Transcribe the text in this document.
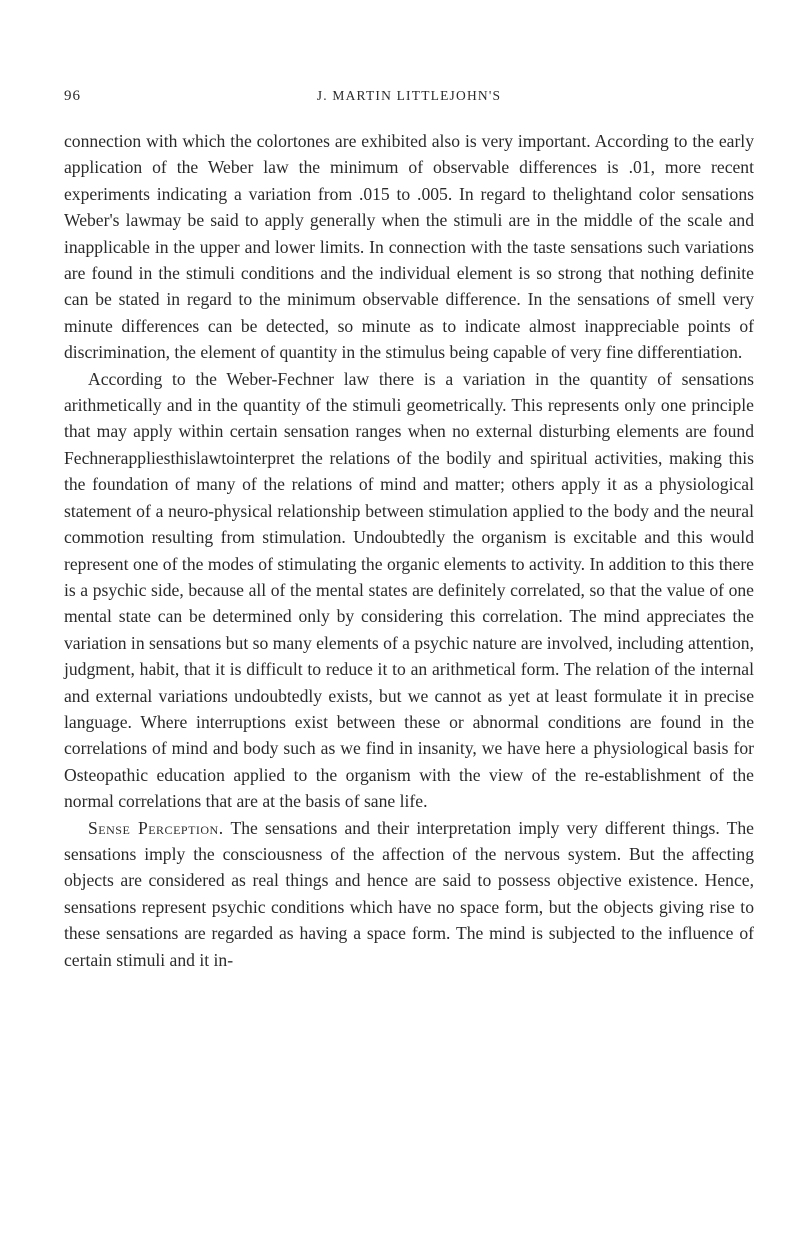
96	J. MARTIN LITTLEJOHN'S

connection with which the colortones are exhibited also is very important. According to the early application of the Weber law the minimum of observable differences is .01, more recent experiments indicating a variation from .015 to .005. In regard to thelightand color sensations Weber's lawmay be said to apply generally when the stimuli are in the middle of the scale and inapplicable in the upper and lower limits. In connection with the taste sensations such variations are found in the stimuli conditions and the individual element is so strong that nothing definite can be stated in regard to the minimum observable difference. In the sensations of smell very minute differences can be detected, so minute as to indicate almost inappreciable points of discrimination, the element of quantity in the stimulus being capable of very fine differentiation.

According to the Weber-Fechner law there is a variation in the quantity of sensations arithmetically and in the quantity of the stimuli geometrically. This represents only one principle that may apply within certain sensation ranges when no external disturbing elements are found Fechnerappliesthislawtointerpret the relations of the bodily and spiritual activities, making this the foundation of many of the relations of mind and matter; others apply it as a physiological statement of a neuro-physical relationship between stimulation applied to the body and the neural commotion resulting from stimulation. Undoubtedly the organism is excitable and this would represent one of the modes of stimulating the organic elements to activity. In addition to this there is a psychic side, because all of the mental states are definitely correlated, so that the value of one mental state can be determined only by considering this correlation. The mind appreciates the variation in sensations but so many elements of a psychic nature are involved, including attention, judgment, habit, that it is difficult to reduce it to an arithmetical form. The relation of the internal and external variations undoubtedly exists, but we cannot as yet at least formulate it in precise language. Where interruptions exist between these or abnormal conditions are found in the correlations of mind and body such as we find in insanity, we have here a physiological basis for Osteopathic education applied to the organism with the view of the re-establishment of the normal correlations that are at the basis of sane life.

Sense Perception. The sensations and their interpretation imply very different things. The sensations imply the consciousness of the affection of the nervous system. But the affecting objects are considered as real things and hence are said to possess objective existence. Hence, sensations represent psychic conditions which have no space form, but the objects giving rise to these sensations are regarded as having a space form. The mind is subjected to the influence of certain stimuli and it in-
